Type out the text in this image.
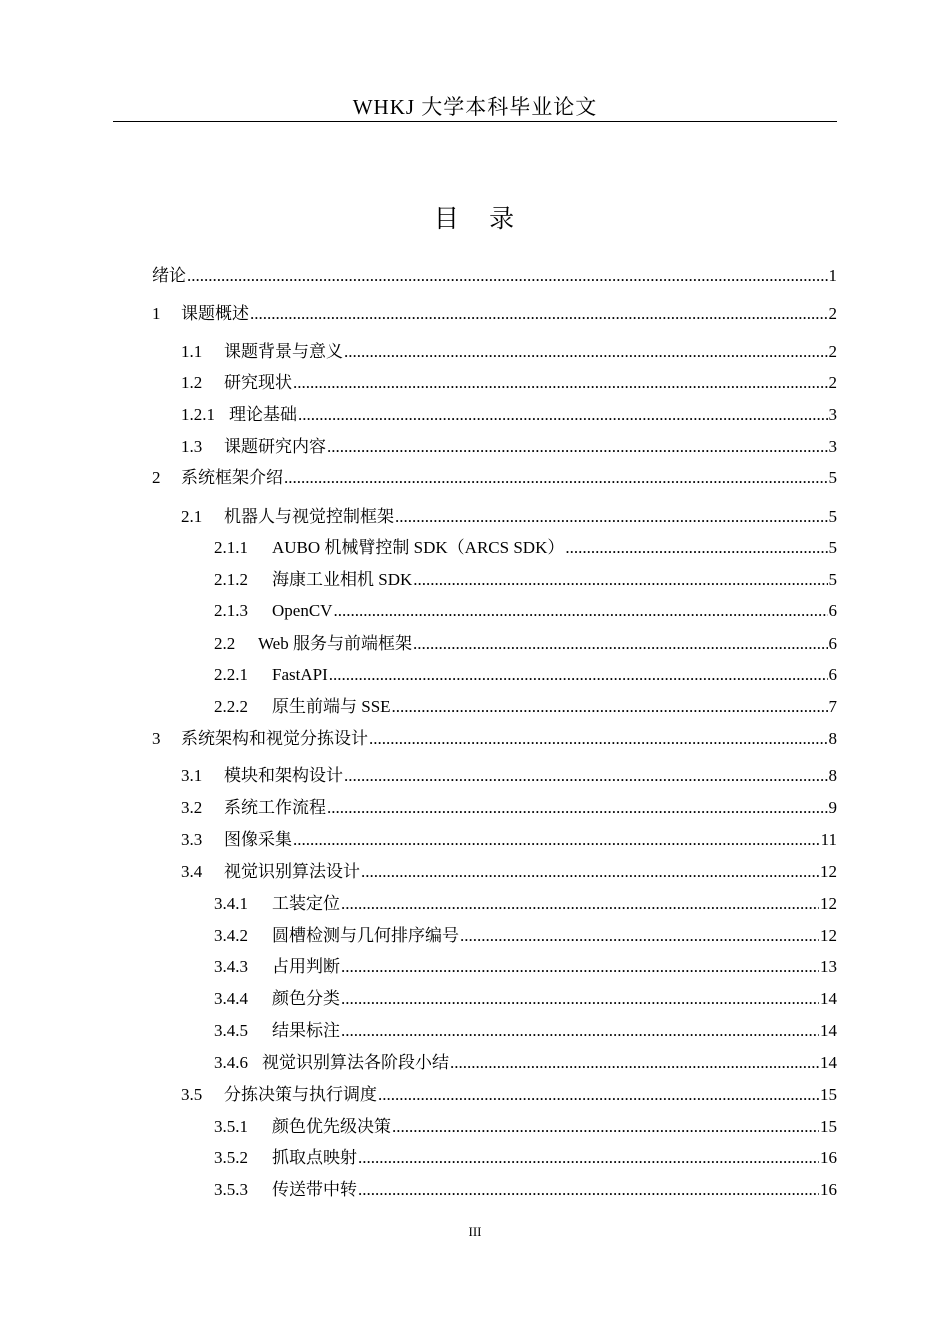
WHKJ 大学本科毕业论文
目 录
绪论 .....	1
1	课题概述 .....	2
1.1	课题背景与意义 .....	2
1.2	研究现状 .....	2
1.2.1 理论基础 .....	3
1.3	课题研究内容 .....	3
2	系统框架介绍 .....	5
2.1	机器人与视觉控制框架 .....	5
2.1.1	AUBO 机械臂控制 SDK（ARCS SDK） .....	5
2.1.2	海康工业相机 SDK .....	5
2.1.3	OpenCV .....	6
2.2	Web 服务与前端框架 .....	6
2.2.1	FastAPI .....	6
2.2.2	原生前端与 SSE .....	7
3	系统架构和视觉分拣设计 .....	8
3.1	模块和架构设计 .....	8
3.2	系统工作流程 .....	9
3.3	图像采集 .....	11
3.4	视觉识别算法设计 .....	12
3.4.1	工装定位 .....	12
3.4.2	圆槽检测与几何排序编号 .....	12
3.4.3	占用判断 .....	13
3.4.4	颜色分类 .....	14
3.4.5	结果标注 .....	14
3.4.6 视觉识别算法各阶段小结 .....	14
3.5	分拣决策与执行调度 .....	15
3.5.1	颜色优先级决策 .....	15
3.5.2	抓取点映射 .....	16
3.5.3	传送带中转 .....	16
III
